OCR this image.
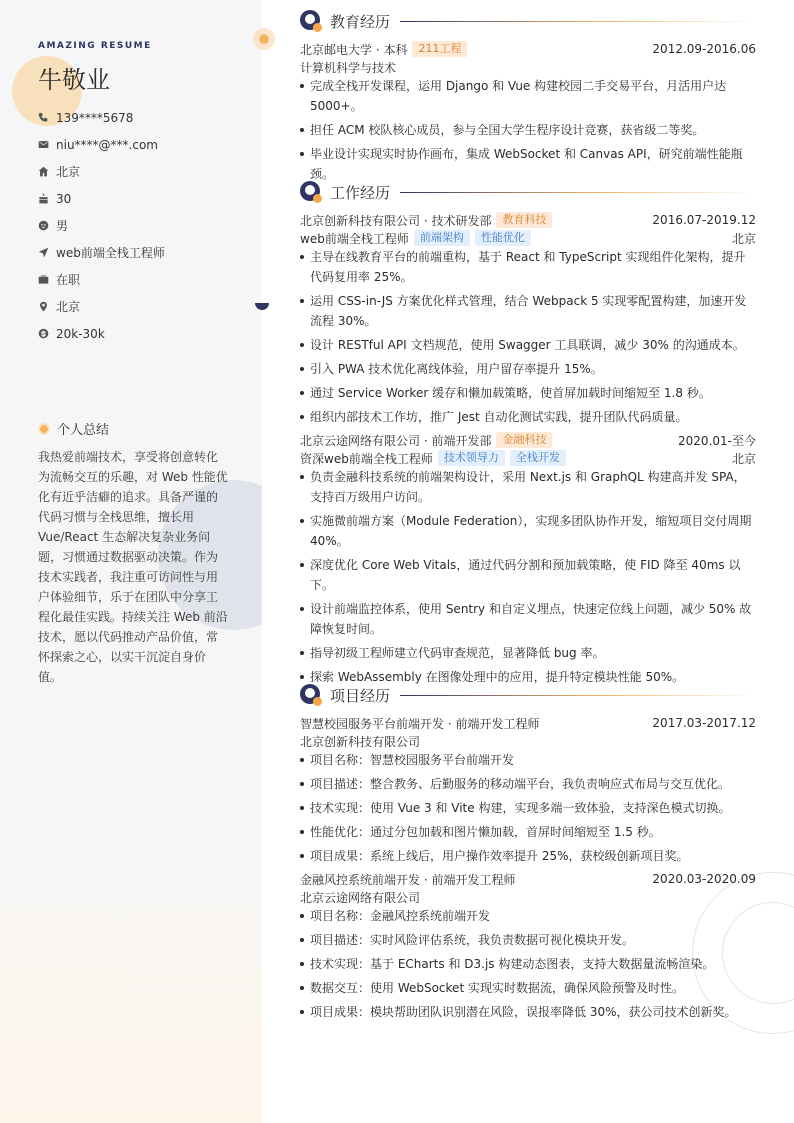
AMAZING RESUME
牛敬业
139****5678
niu****@***.com
北京
30
男
web前端全栈工程师
在职
北京
20k-30k
个人总结

我热爱前端技术，享受将创意转化为流畅交互的乐趣，对 Web 性能优化有近乎洁癖的追求。具备严谨的代码习惯与全栈思维，擅长用 Vue/React 生态解决复杂业务问题，习惯通过数据驱动决策。作为技术实践者，我注重可访问性与用户体验细节，乐于在团队中分享工程化最佳实践。持续关注 Web 前沿技术，愿以代码推动产品价值，常怀探索之心，以实干沉淀自身价值。

教育经历
北京邮电大学 · 本科	211工程	2012.09-2016.06
计算机科学与技术
完成全栈开发课程，运用 Django 和 Vue 构建校园二手交易平台，月活用户达 5000+。
担任 ACM 校队核心成员，参与全国大学生程序设计竞赛，获省级二等奖。
毕业设计实现实时协作画布，集成 WebSocket 和 Canvas API，研究前端性能瓶颈。
工作经历
北京创新科技有限公司 · 技术研发部	教育科技	2016.07-2019.12
web前端全栈工程师	前端架构	性能优化	北京
主导在线教育平台的前端重构，基于 React 和 TypeScript 实现组件化架构，提升代码复用率 25%。
运用 CSS-in-JS 方案优化样式管理，结合 Webpack 5 实现零配置构建，加速开发流程 30%。
设计 RESTful API 文档规范，使用 Swagger 工具联调，减少 30% 的沟通成本。
引入 PWA 技术优化离线体验，用户留存率提升 15%。
通过 Service Worker 缓存和懒加载策略，使首屏加载时间缩短至 1.8 秒。
组织内部技术工作坊，推广 Jest 自动化测试实践，提升团队代码质量。
北京云途网络有限公司 · 前端开发部	金融科技	2020.01-至今
资深web前端全栈工程师	技术领导力	全栈开发	北京
负责金融科技系统的前端架构设计，采用 Next.js 和 GraphQL 构建高并发 SPA，支持百万级用户访问。
实施微前端方案（Module Federation），实现多团队协作开发，缩短项目交付周期 40%。
深度优化 Core Web Vitals，通过代码分割和预加载策略，使 FID 降至 40ms 以下。
设计前端监控体系，使用 Sentry 和自定义埋点，快速定位线上问题，减少 50% 故障恢复时间。
指导初级工程师建立代码审查规范，显著降低 bug 率。
探索 WebAssembly 在图像处理中的应用，提升特定模块性能 50%。
项目经历
智慧校园服务平台前端开发 · 前端开发工程师	2017.03-2017.12
北京创新科技有限公司
项目名称：智慧校园服务平台前端开发
项目描述：整合教务、后勤服务的移动端平台，我负责响应式布局与交互优化。
技术实现：使用 Vue 3 和 Vite 构建，实现多端一致体验，支持深色模式切换。
性能优化：通过分包加载和图片懒加载，首屏时间缩短至 1.5 秒。
项目成果：系统上线后，用户操作效率提升 25%，获校级创新项目奖。
金融风控系统前端开发 · 前端开发工程师	2020.03-2020.09
北京云途网络有限公司
项目名称：金融风控系统前端开发
项目描述：实时风险评估系统，我负责数据可视化模块开发。
技术实现：基于 ECharts 和 D3.js 构建动态图表，支持大数据量流畅渲染。
数据交互：使用 WebSocket 实现实时数据流，确保风险预警及时性。
项目成果：模块帮助团队识别潜在风险，误报率降低 30%，获公司技术创新奖。
